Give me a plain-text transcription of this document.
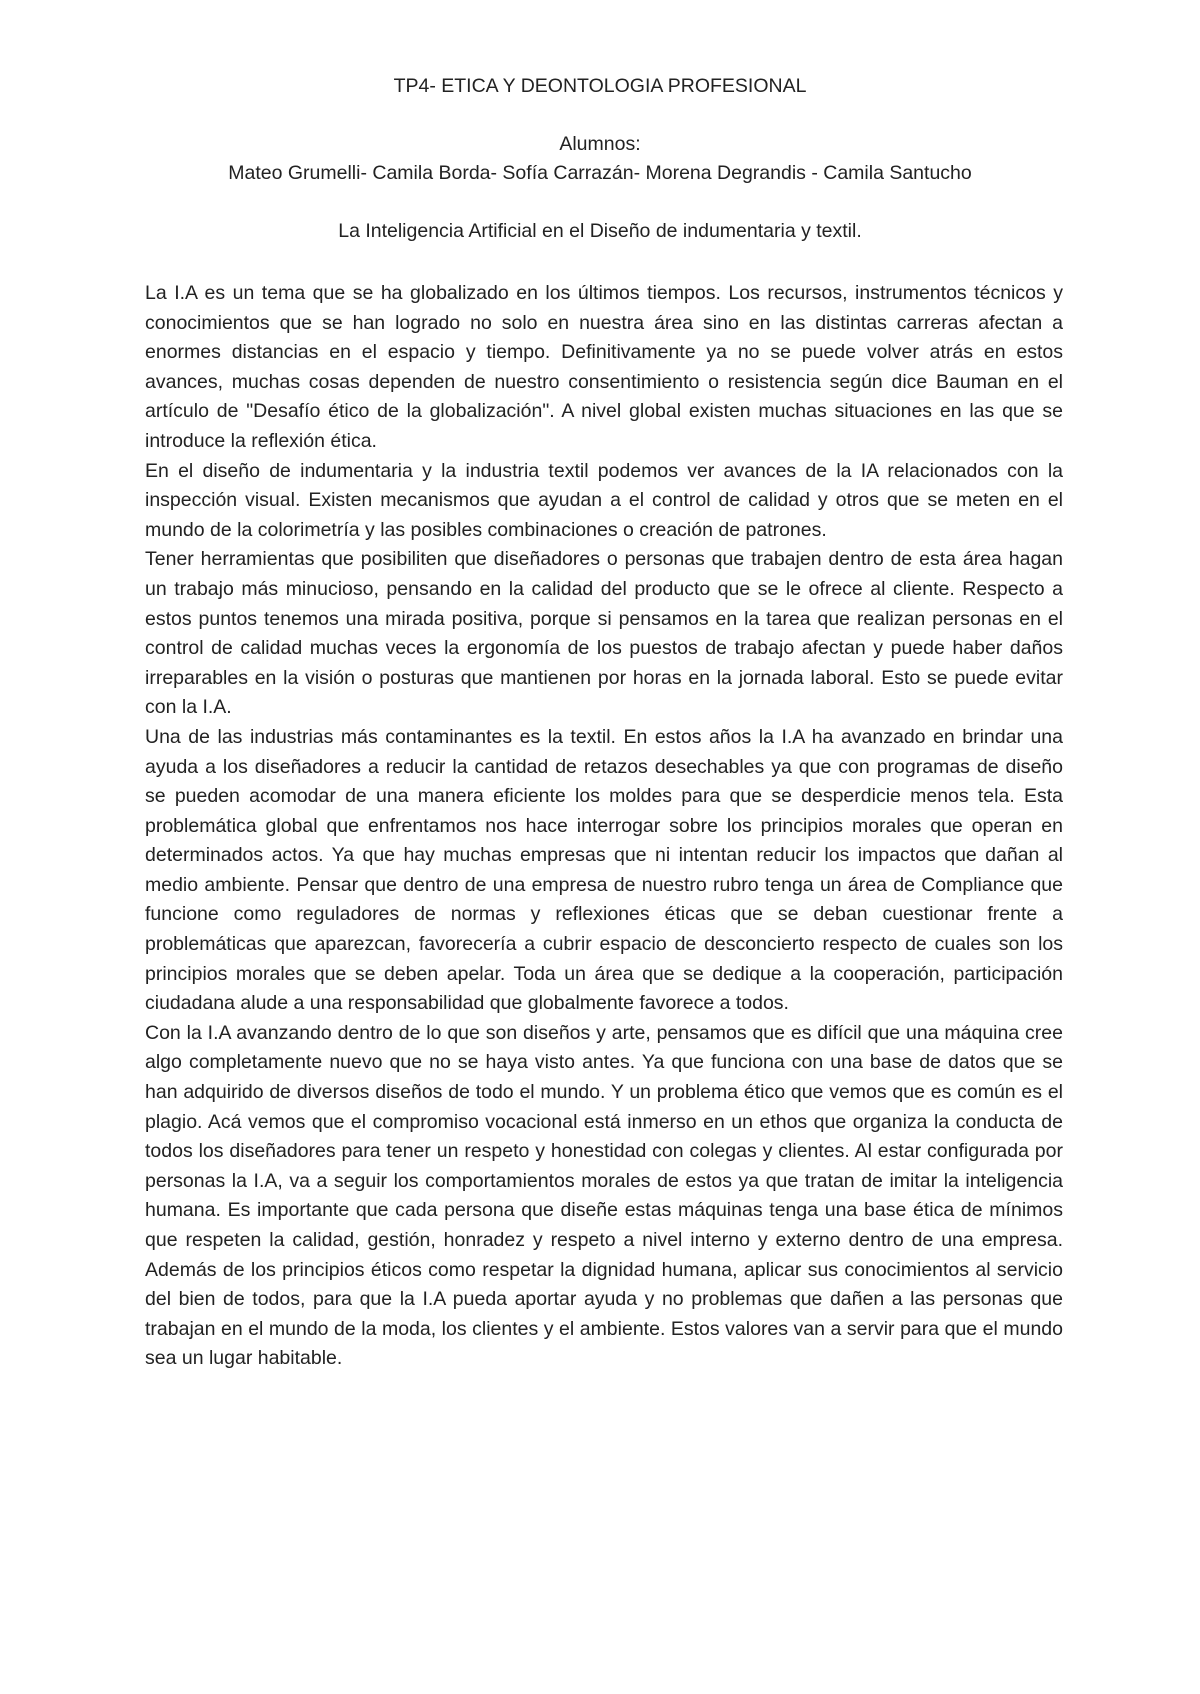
TP4- ETICA Y DEONTOLOGIA PROFESIONAL

Alumnos:

Mateo Grumelli- Camila Borda- Sofía Carrazán- Morena Degrandis - Camila Santucho

La Inteligencia Artificial en el Diseño de indumentaria y textil.

La I.A es un tema que se ha globalizado en los últimos tiempos. Los recursos, instrumentos técnicos y conocimientos que se han logrado no solo en nuestra área sino en las distintas carreras afectan a enormes distancias en el espacio y tiempo. Definitivamente ya no se puede volver atrás en estos avances, muchas cosas dependen de nuestro consentimiento o resistencia según dice Bauman en el artículo de "Desafío ético de la globalización". A nivel global existen muchas situaciones en las que se introduce la reflexión ética.

En el diseño de indumentaria y la industria textil podemos ver avances de la IA relacionados con la inspección visual. Existen mecanismos que ayudan a el control de calidad y otros que se meten en el mundo de la colorimetría y las posibles combinaciones o creación de patrones.

Tener herramientas que posibiliten que diseñadores o personas que trabajen dentro de esta área hagan un trabajo más minucioso, pensando en la calidad del producto que se le ofrece al cliente. Respecto a estos puntos tenemos una mirada positiva, porque si pensamos en la tarea que realizan personas en el control de calidad muchas veces la ergonomía de los puestos de trabajo afectan y puede haber daños irreparables en la visión o posturas que mantienen por horas en la jornada laboral. Esto se puede evitar con la I.A.

Una de las industrias más contaminantes es la textil. En estos años la I.A ha avanzado en brindar una ayuda a los diseñadores a reducir la cantidad de retazos desechables ya que con programas de diseño se pueden acomodar de una manera eficiente los moldes para que se desperdicie menos tela. Esta problemática global que enfrentamos nos hace interrogar sobre los principios morales que operan en determinados actos. Ya que hay muchas empresas que ni intentan reducir los impactos que dañan al medio ambiente. Pensar que dentro de una empresa de nuestro rubro tenga un área de Compliance que funcione como reguladores de normas y reflexiones éticas que se deban cuestionar frente a problemáticas que aparezcan, favorecería a cubrir espacio de desconcierto respecto de cuales son los principios morales que se deben apelar. Toda un área que se dedique a la cooperación, participación ciudadana alude a una responsabilidad que globalmente favorece a todos.

Con la I.A avanzando dentro de lo que son diseños y arte, pensamos que es difícil que una máquina cree algo completamente nuevo que no se haya visto antes. Ya que funciona con una base de datos que se han adquirido de diversos diseños de todo el mundo. Y un problema ético que vemos que es común es el plagio. Acá vemos que el compromiso vocacional está inmerso en un ethos que organiza la conducta de todos los diseñadores para tener un respeto y honestidad con colegas y clientes. Al estar configurada por personas la I.A, va a seguir los comportamientos morales de estos ya que tratan de imitar la inteligencia humana. Es importante que cada persona que diseñe estas máquinas tenga una base ética de mínimos que respeten la calidad, gestión, honradez y respeto a nivel interno y externo dentro de una empresa. Además de los principios éticos como respetar la dignidad humana, aplicar sus conocimientos al servicio del bien de todos, para que la I.A pueda aportar ayuda y no problemas que dañen a las personas que trabajan en el mundo de la moda, los clientes y el ambiente. Estos valores van a servir para que el mundo sea un lugar habitable.
